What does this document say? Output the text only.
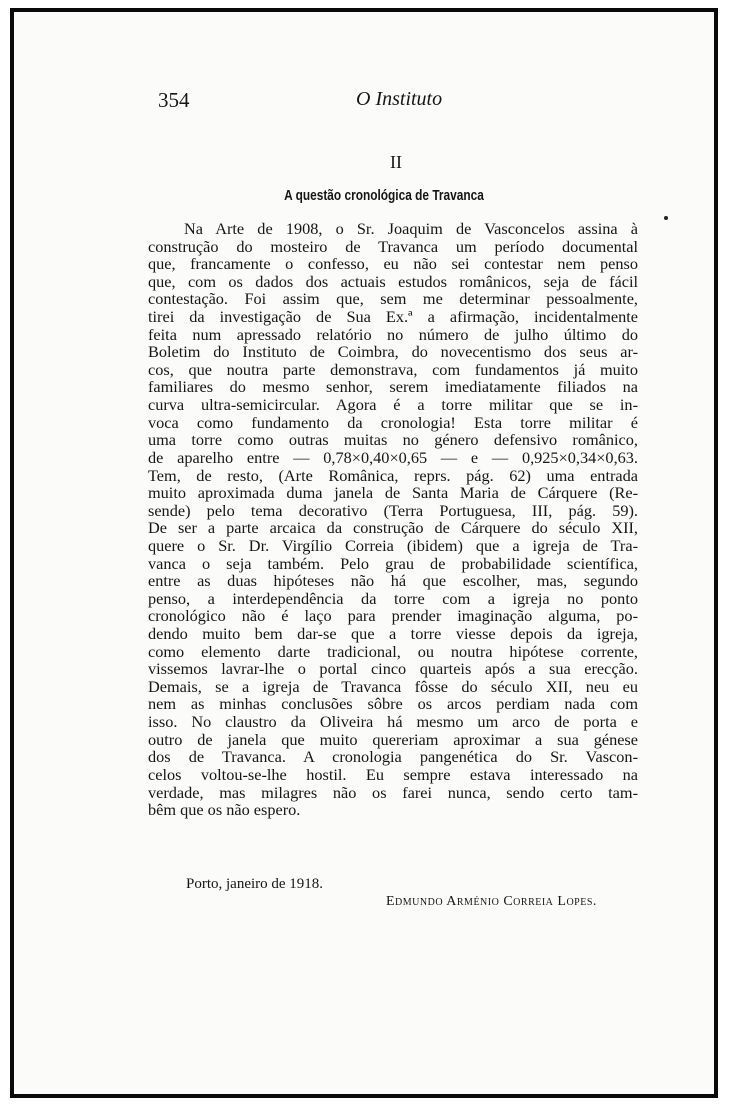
354	O Instituto
II
A questão cronológica de Travanca
Na Arte de 1908, o Sr. Joaquim de Vasconcelos assina à
construção do mosteiro de Travanca um período documental
que, francamente o confesso, eu não sei contestar nem penso
que, com os dados dos actuais estudos românicos, seja de fácil
contestação. Foi assim que, sem me determinar pessoalmente,
tirei da investigação de Sua Ex.ª a afirmação, incidentalmente
feita num apressado relatório no número de julho último do
Boletim do Instituto de Coimbra, do novecentismo dos seus ar-
cos, que noutra parte demonstrava, com fundamentos já muito
familiares do mesmo senhor, serem imediatamente filiados na
curva ultra-semicircular. Agora é a torre militar que se in-
voca como fundamento da cronologia! Esta torre militar é
uma torre como outras muitas no género defensivo românico,
de aparelho entre — 0,78×0,40×0,65 — e — 0,925×0,34×0,63.
Tem, de resto, (Arte Românica, reprs. pág. 62) uma entrada
muito aproximada duma janela de Santa Maria de Cárquere (Re-
sende) pelo tema decorativo (Terra Portuguesa, III, pág. 59).
De ser a parte arcaica da construção de Cárquere do século XII,
quere o Sr. Dr. Virgílio Correia (ibidem) que a igreja de Tra-
vanca o seja também. Pelo grau de probabilidade scientífica,
entre as duas hipóteses não há que escolher, mas, segundo
penso, a interdependência da torre com a igreja no ponto
cronológico não é laço para prender imaginação alguma, po-
dendo muito bem dar-se que a torre viesse depois da igreja,
como elemento darte tradicional, ou noutra hipótese corrente,
vissemos lavrar-lhe o portal cinco quarteis após a sua erecção.
Demais, se a igreja de Travanca fôsse do século XII, neu eu
nem as minhas conclusões sôbre os arcos perdiam nada com
isso. No claustro da Oliveira há mesmo um arco de porta e
outro de janela que muito quereriam aproximar a sua génese
dos de Travanca. A cronologia pangenética do Sr. Vascon-
celos voltou-se-lhe hostil. Eu sempre estava interessado na
verdade, mas milagres não os farei nunca, sendo certo tam-
bêm que os não espero.
Porto, janeiro de 1918.
Edmundo Arménio Correia Lopes.
